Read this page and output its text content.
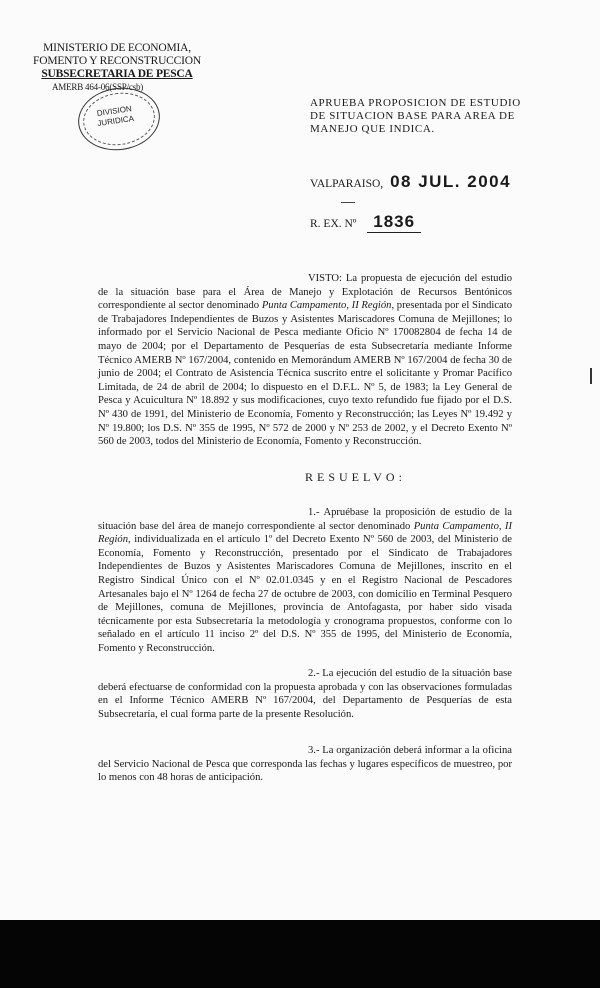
MINISTERIO DE ECONOMIA,
FOMENTO Y RECONSTRUCCION
SUBSECRETARIA DE PESCA
AMERB 464-06(SSP/csb)
DIVISION
JURIDICA
APRUEBA PROPOSICION DE ESTUDIO
DE SITUACION BASE PARA AREA DE
MANEJO QUE INDICA.
VALPARAISO, 08 JUL. 2004
R. EX. Nº 1836
VISTO: La propuesta de ejecución del estudio de la situación base para el Área de Manejo y Explotación de Recursos Bentónicos correspondiente al sector denominado Punta Campamento, II Región, presentada por el Sindicato de Trabajadores Independientes de Buzos y Asistentes Mariscadores Comuna de Mejillones; lo informado por el Servicio Nacional de Pesca mediante Oficio Nº 170082804 de fecha 14 de mayo de 2004; por el Departamento de Pesquerías de esta Subsecretaría mediante Informe Técnico AMERB Nº 167/2004, contenido en Memorándum AMERB Nº 167/2004 de fecha 30 de junio de 2004; el Contrato de Asistencia Técnica suscrito entre el solicitante y Promar Pacífico Limitada, de 24 de abril de 2004; lo dispuesto en el D.F.L. Nº 5, de 1983; la Ley General de Pesca y Acuicultura Nº 18.892 y sus modificaciones, cuyo texto refundido fue fijado por el D.S. Nº 430 de 1991, del Ministerio de Economía, Fomento y Reconstrucción; las Leyes Nº 19.492 y Nº 19.800; los D.S. Nº 355 de 1995, Nº 572 de 2000 y Nº 253 de 2002, y el Decreto Exento Nº 560 de 2003, todos del Ministerio de Economía, Fomento y Reconstrucción.
RESUELVO:
1.- Apruébase la proposición de estudio de la situación base del área de manejo correspondiente al sector denominado Punta Campamento, II Región, individualizada en el artículo 1º del Decreto Exento Nº 560 de 2003, del Ministerio de Economía, Fomento y Reconstrucción, presentado por el Sindicato de Trabajadores Independientes de Buzos y Asistentes Mariscadores Comuna de Mejillones, inscrito en el Registro Sindical Único con el Nº 02.01.0345 y en el Registro Nacional de Pescadores Artesanales bajo el Nº 1264 de fecha 27 de octubre de 2003, con domicilio en Terminal Pesquero de Mejillones, comuna de Mejillones, provincia de Antofagasta, por haber sido visada técnicamente por esta Subsecretaría la metodología y cronograma propuestos, conforme con lo señalado en el artículo 11 inciso 2º del D.S. Nº 355 de 1995, del Ministerio de Economía, Fomento y Reconstrucción.
2.- La ejecución del estudio de la situación base deberá efectuarse de conformidad con la propuesta aprobada y con las observaciones formuladas en el Informe Técnico AMERB Nº 167/2004, del Departamento de Pesquerías de esta Subsecretaría, el cual forma parte de la presente Resolución.
3.- La organización deberá informar a la oficina del Servicio Nacional de Pesca que corresponda las fechas y lugares específicos de muestreo, por lo menos con 48 horas de anticipación.
